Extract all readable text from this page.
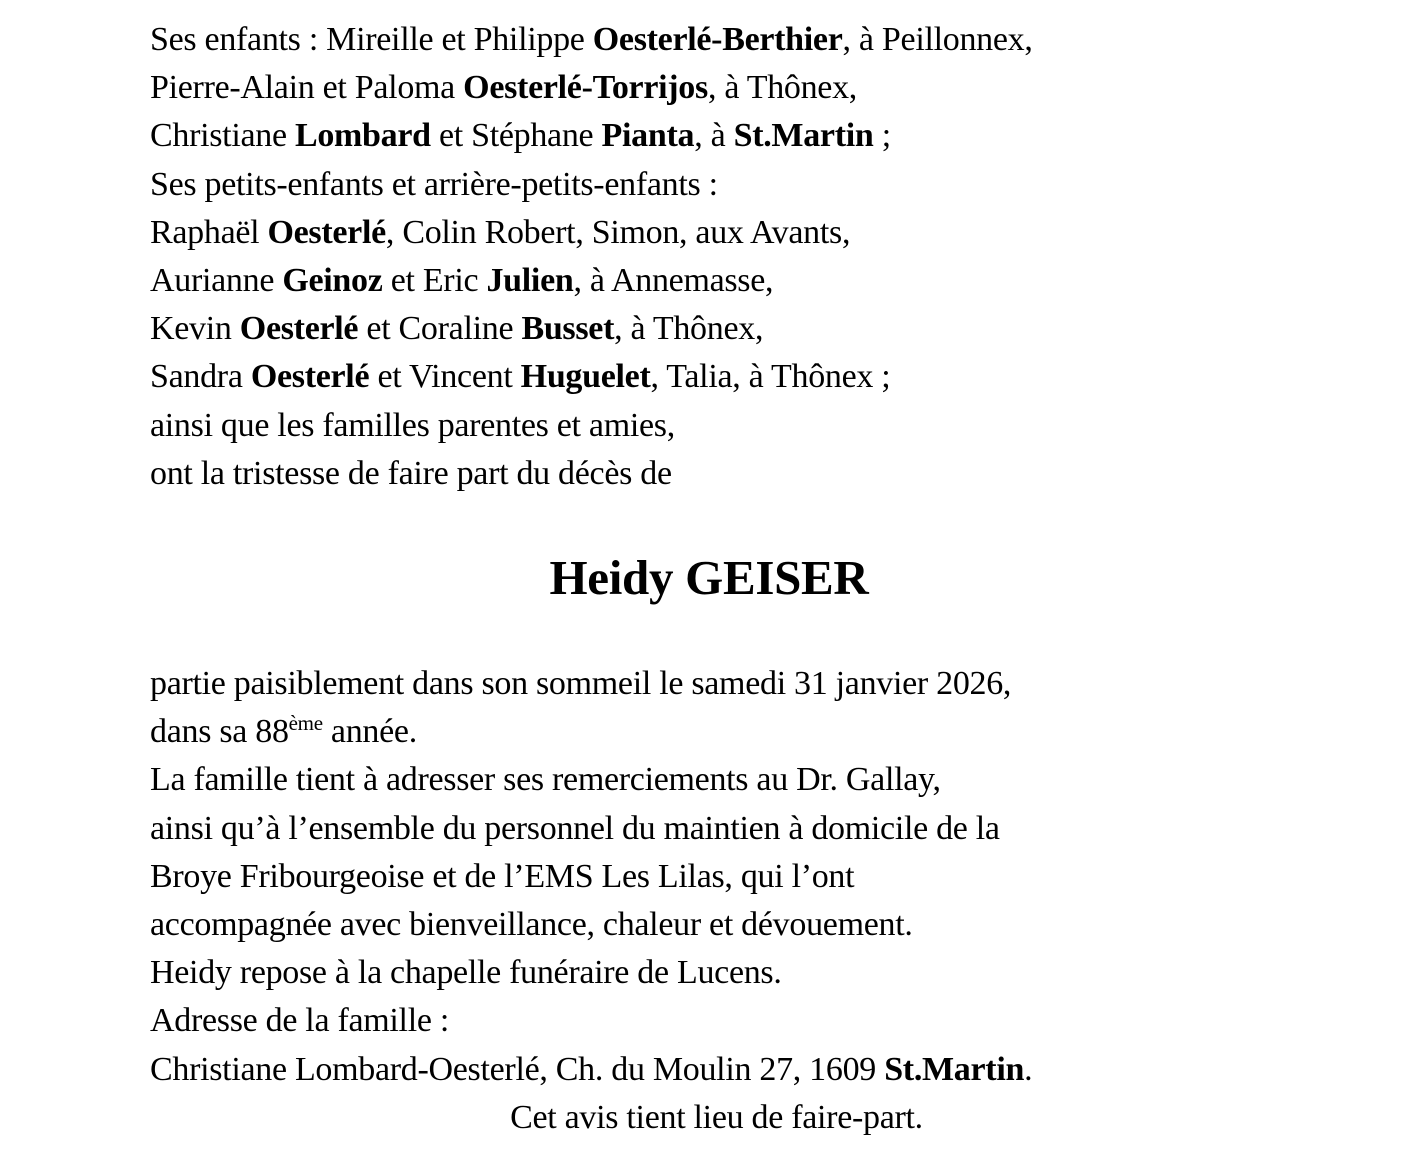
Ses enfants : Mireille et Philippe Oesterlé-Berthier, à Peillonnex,
Pierre-Alain et Paloma Oesterlé-Torrijos, à Thônex,
Christiane Lombard et Stéphane Pianta, à St.Martin ;
Ses petits-enfants et arrière-petits-enfants :
Raphaël Oesterlé, Colin Robert, Simon, aux Avants,
Aurianne Geinoz et Eric Julien, à Annemasse,
Kevin Oesterlé et Coraline Busset, à Thônex,
Sandra Oesterlé et Vincent Huguelet, Talia, à Thônex ;
ainsi que les familles parentes et amies,
ont la tristesse de faire part du décès de
Heidy GEISER
partie paisiblement dans son sommeil le samedi 31 janvier 2026,
dans sa 88ème année.
La famille tient à adresser ses remerciements au Dr. Gallay,
ainsi qu’à l’ensemble du personnel du maintien à domicile de la
Broye Fribourgeoise et de l’EMS Les Lilas, qui l’ont
accompagnée avec bienveillance, chaleur et dévouement.
Heidy repose à la chapelle funéraire de Lucens.
Adresse de la famille :
Christiane Lombard-Oesterlé, Ch. du Moulin 27, 1609 St.Martin.
Cet avis tient lieu de faire-part.
